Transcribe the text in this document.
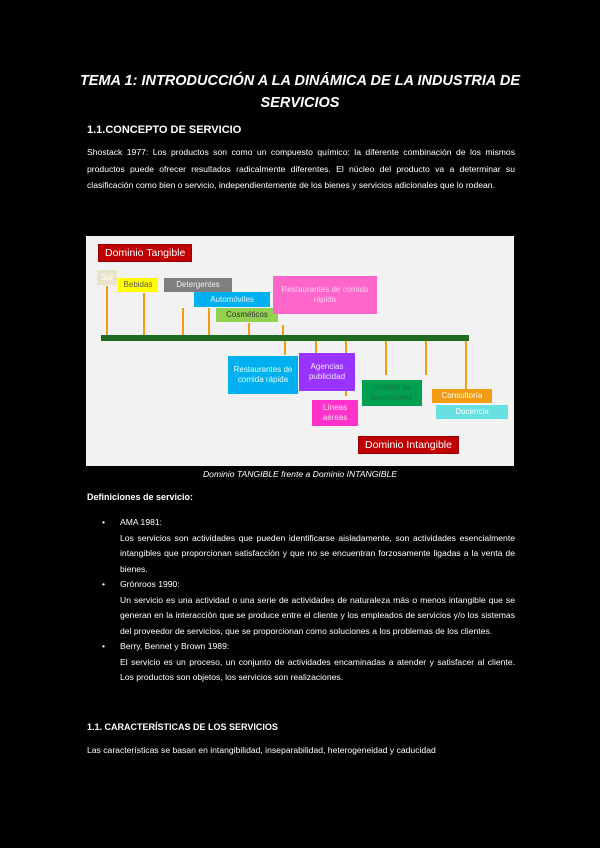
TEMA 1: INTRODUCCIÓN A LA DINÁMICA DE LA INDUSTRIA DE SERVICIOS
1.1.CONCEPTO DE SERVICIO
Shostack 1977: Los productos son como un compuesto químico: la diferente combinación de los mismos productos puede ofrecer resultados radicalmente diferentes. El núcleo del producto va a determinar su clasificación como bien o servicio, independientemente de los bienes y servicios adicionales que lo rodean.
Dominio Tangible
Sal
Bebidas	Detergentes
Automóviles
Cosméticos
Restaurantes de comida rápida
Restaurantes de comida rápida
Agencias publicidad
Líneas aéreas
Gestión de inversiones	Consultoría
Docencia
Dominio Intangible
Dominio TANGIBLE frente a Dominio INTANGIBLE
Definiciones de servicio:
• AMA 1981:
Los servicios son actividades que pueden identificarse aisladamente, son actividades esencialmente intangibles que proporcionan satisfacción y que no se encuentran forzosamente ligadas a la venta de bienes.
• Grönroos 1990:
Un servicio es una actividad o una serie de actividades de naturaleza más o menos intangible que se generan en la interacción que se produce entre el cliente y los empleados de servicios y/o los sistemas del proveedor de servicios, que se proporcionan como soluciones a los problemas de los clientes.
• Berry, Bennet y Brown 1989:
El servicio es un proceso, un conjunto de actividades encaminadas a atender y satisfacer al cliente. Los productos son objetos, los servicios son realizaciones.
1.1. CARACTERÍSTICAS DE LOS SERVICIOS
Las características se basan en intangibilidad, inseparabilidad, heterogeneidad y caducidad
